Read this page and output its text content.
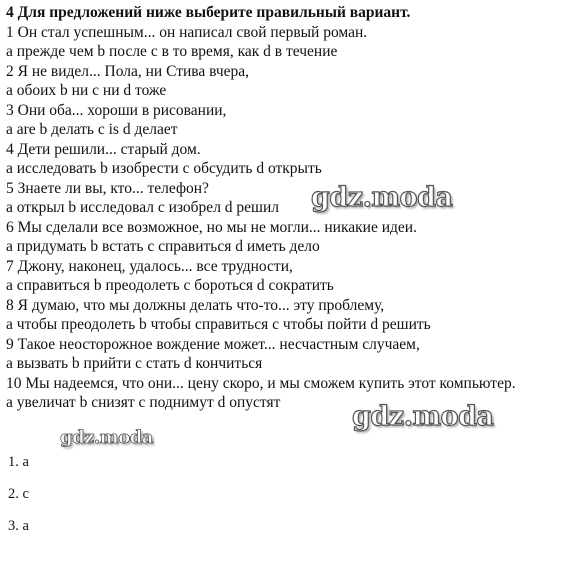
4 Для предложений ниже выберите правильный вариант.
1 Он стал успешным... он написал свой первый роман.
a прежде чем b после с в то время, как d в течение
2 Я не видел... Пола, ни Стива вчера,
a обоих b ни с ни d тоже
3 Они оба... хороши в рисовании,
a are b делать с is d делает
4 Дети решили... старый дом.
a исследовать b изобрести с обсудить d открыть
5 Знаете ли вы, кто... телефон?
a открыл b исследовал с изобрел d решил
6 Мы сделали все возможное, но мы не могли... никакие идеи.
a придумать b встать с справиться d иметь дело
7 Джону, наконец, удалось... все трудности,
a справиться b преодолеть с бороться d сократить
8 Я думаю, что мы должны делать что-то... эту проблему,
a чтобы преодолеть b чтобы справиться с чтобы пойти d решить
9 Такое неосторожное вождение может... несчастным случаем,
a вызвать b прийти с стать d кончиться
10 Мы надеемся, что они... цену скоро, и мы сможем купить этот компьютер.
a увеличат b снизят с поднимут d опустят
gdz.moda
gdz.moda
gdz.moda
1. a
2. c
3. a
